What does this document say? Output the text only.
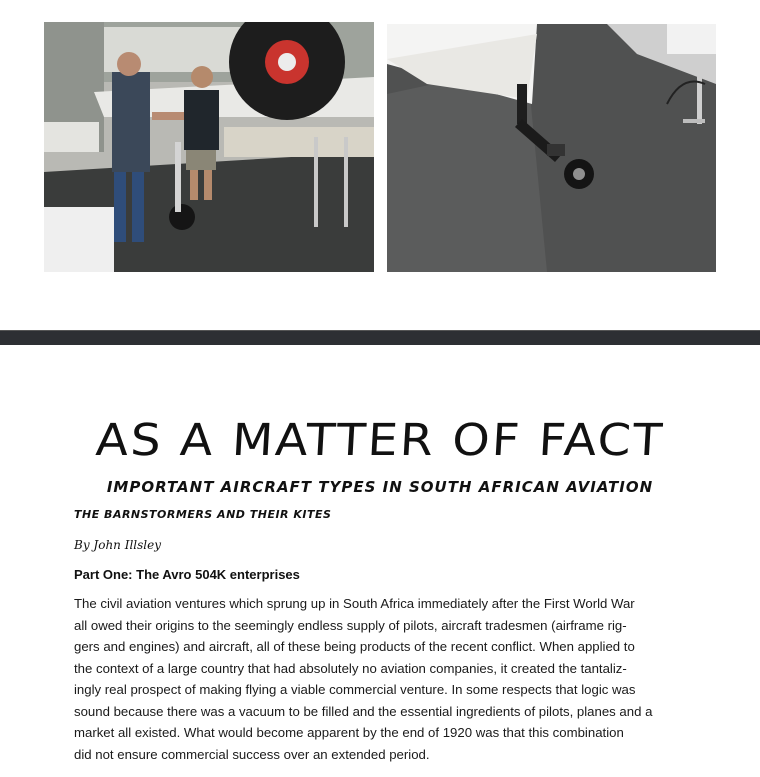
AS A MATTER OF FACT
IMPORTANT AIRCRAFT TYPES IN SOUTH AFRICAN AVIATION
THE BARNSTORMERS AND THEIR KITES
By John Illsley
Part One: The Avro 504K enterprises

The civil aviation ventures which sprung up in South Africa immediately after the First World War
all owed their origins to the seemingly endless supply of pilots, aircraft tradesmen (airframe rig-
gers and engines) and aircraft, all of these being products of the recent conflict. When applied to
the context of a large country that had absolutely no aviation companies, it created the tantaliz-
ingly real prospect of making flying a viable commercial venture. In some respects that logic was
sound because there was a vacuum to be filled and the essential ingredients of pilots, planes and a
market all existed. What would become apparent by the end of 1920 was that this combination
did not ensure commercial success over an extended period.
